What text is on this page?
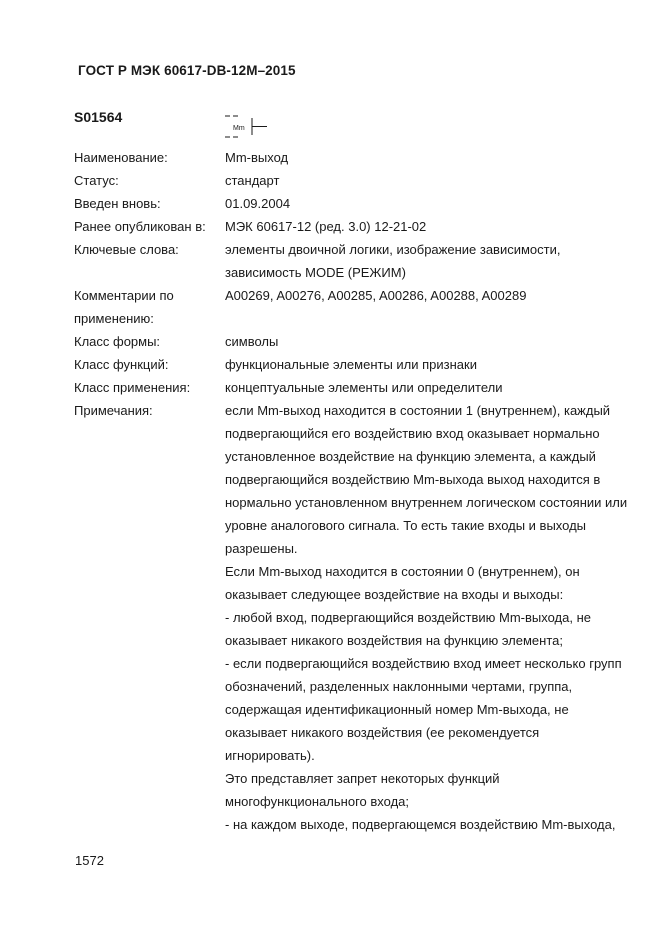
ГОСТ Р МЭК 60617-DB-12M–2015
S01564
Mm
Наименование:	Mm-выход
Статус:	стандарт
Введен вновь:	01.09.2004
Ранее опубликован в: МЭК 60617-12 (ред. 3.0) 12-21-02
Ключевые слова:	элементы двоичной логики, изображение зависимости,
зависимость MODE (РЕЖИМ)
Комментарии по
применению:
A00269, A00276, A00285, A00286, A00288, A00289
Класс формы:	символы
Класс функций:	функциональные элементы или признаки
Класс применения:	концептуальные элементы или определители
Примечания:	если Mm-выход находится в состоянии 1 (внутреннем), каждый
подвергающийся его воздействию вход оказывает нормально
установленное воздействие на функцию элемента, а каждый
подвергающийся воздействию Mm-выхода выход находится в
нормально установленном внутреннем логическом состоянии или
уровне аналогового сигнала. То есть такие входы и выходы
разрешены.
Если Mm-выход находится в состоянии 0 (внутреннем), он
оказывает следующее воздействие на входы и выходы:
- любой вход, подвергающийся воздействию Mm-выхода, не
оказывает никакого воздействия на функцию элемента;
- если подвергающийся воздействию вход имеет несколько групп
обозначений, разделенных наклонными чертами, группа,
содержащая идентификационный номер Mm-выхода, не
оказывает никакого воздействия (ее рекомендуется
игнорировать).
Это представляет запрет некоторых функций
многофункционального входа;
- на каждом выходе, подвергающемся воздействию Mm-выхода,
1572
